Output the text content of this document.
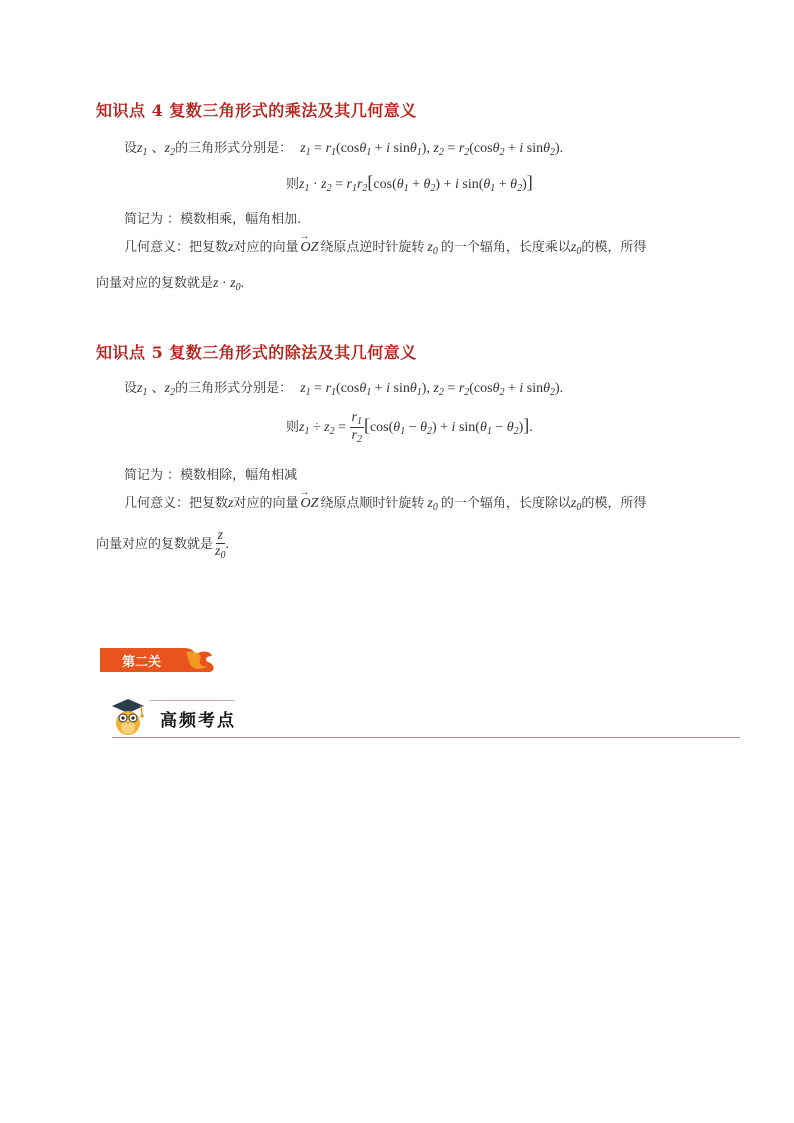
知识点 4 复数三角形式的乘法及其几何意义
设$z_1$ 、$z_2$的三角形式分别是： $z_1 = r_1(\cos\theta_1 + i$ sinθ$_1$), $z_2 = r_2(\cos\theta_2 + i$ sinθ$_2$).
则$z_1 \cdot z_2 = r_1r_2[\cos(\theta_1 + \theta_2) + i$ $\sin(\theta_1 + \theta_2)$]
简记为 ：模数相乘，幅角相加.
几何意义：把复数z对应的向量 OZ
→
绕原点逆时针旋转 $z_0$ 的一个辐角，长度乘以$z_0$的模，所得
向量对应的复数就是$z \cdot z_0$.
知识点 5 复数三角形式的除法及其几何意义
设$z_1$ 、$z_2$的三角形式分别是： $z_1 = r_1(\cos\theta_1 + i$ sinθ$_1$), $z_2 = r_2(\cos\theta_2 + i$ sinθ$_2$).
则$z_1 \div z_2 = \frac{r_1}{r_2} [\cos(\theta_1 - \theta_2) + i$ $\sin(\theta_1 - \theta_2)$].
简记为 ：模数相除，幅角相减
几何意义：把复数z对应的向量 OZ
→
绕原点顺时针旋转 $z_0$ 的一个辐角，长度除以$z_0$的模，所得
向量对应的复数就是 $\frac{z}{z_0}$ .
第二关
高频考点
